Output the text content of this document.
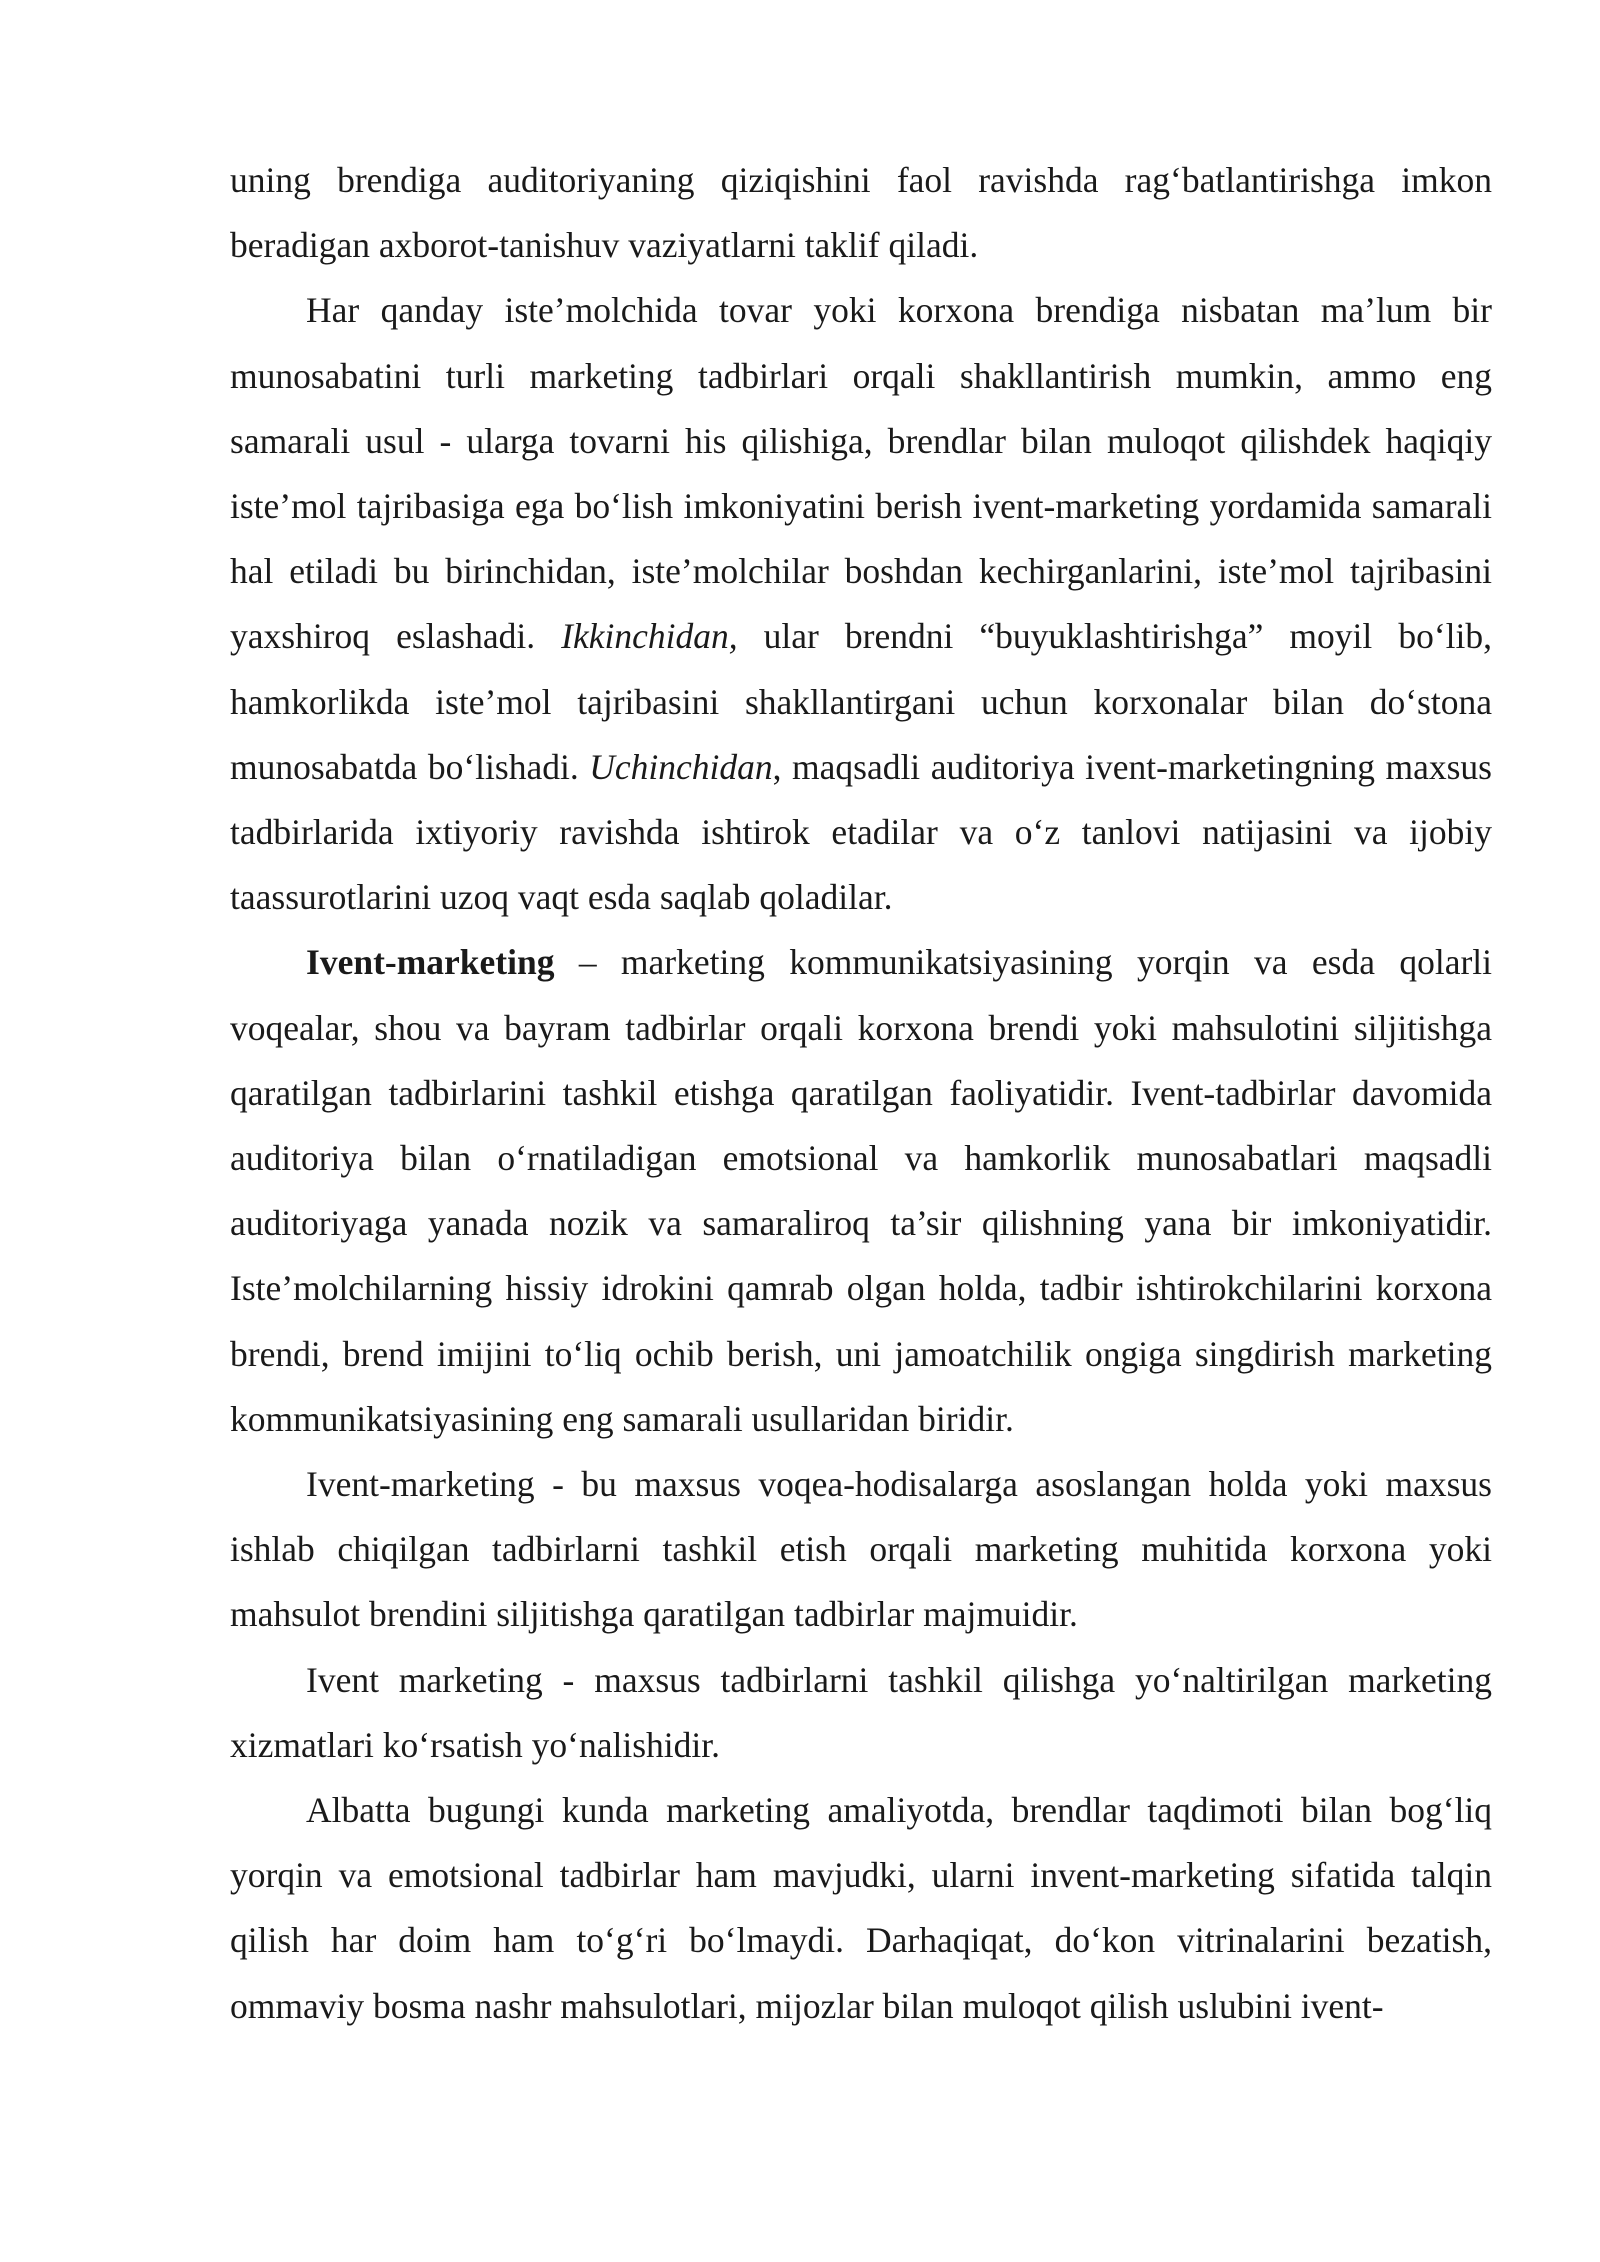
uning brendiga auditoriyaning qiziqishini faol ravishda rag‘batlantirishga imkon beradigan axborot-tanishuv vaziyatlarni taklif qiladi.

Har qanday iste’molchida tovar yoki korxona brendiga nisbatan ma’lum bir munosabatini turli marketing tadbirlari orqali shakllantirish mumkin, ammo eng samarali usul - ularga tovarni his qilishiga, brendlar bilan muloqot qilishdek haqiqiy iste’mol tajribasiga ega bo‘lish imkoniyatini berish ivent-marketing yordamida samarali hal etiladi bu birinchidan, iste’molchilar boshdan kechirganlarini, iste’mol tajribasini yaxshiroq eslashadi. Ikkinchidan, ular brendni “buyuklashtirishga” moyil bo‘lib, hamkorlikda iste’mol tajribasini shakllantirgani uchun korxonalar bilan do‘stona munosabatda bo‘lishadi. Uchinchidan, maqsadli auditoriya ivent-marketingning maxsus tadbirlarida ixtiyoriy ravishda ishtirok etadilar va o‘z tanlovi natijasini va ijobiy taassurotlarini uzoq vaqt esda saqlab qoladilar.

Ivent-marketing – marketing kommunikatsiyasining yorqin va esda qolarli voqealar, shou va bayram tadbirlar orqali korxona brendi yoki mahsulotini siljitishga qaratilgan tadbirlarini tashkil etishga qaratilgan faoliyatidir. Ivent-tadbirlar davomida auditoriya bilan o‘rnatiladigan emotsional va hamkorlik munosabatlari maqsadli auditoriyaga yanada nozik va samaraliroq ta’sir qilishning yana bir imkoniyatidir. Iste’molchilarning hissiy idrokini qamrab olgan holda, tadbir ishtirokchilarini korxona brendi, brend imijini to‘liq ochib berish, uni jamoatchilik ongiga singdirish marketing kommunikatsiyasining eng samarali usullaridan biridir.

Ivent-marketing - bu maxsus voqea-hodisalarga asoslangan holda yoki maxsus ishlab chiqilgan tadbirlarni tashkil etish orqali marketing muhitida korxona yoki mahsulot brendini siljitishga qaratilgan tadbirlar majmuidir.

Ivent marketing - maxsus tadbirlarni tashkil qilishga yo‘naltirilgan marketing xizmatlari ko‘rsatish yo‘nalishidir.

Albatta bugungi kunda marketing amaliyotda, brendlar taqdimoti bilan bog‘liq yorqin va emotsional tadbirlar ham mavjudki, ularni invent-marketing sifatida talqin qilish har doim ham to‘g‘ri bo‘lmaydi. Darhaqiqat, do‘kon vitrinalarini bezatish, ommaviy bosma nashr mahsulotlari, mijozlar bilan muloqot qilish uslubini ivent-
